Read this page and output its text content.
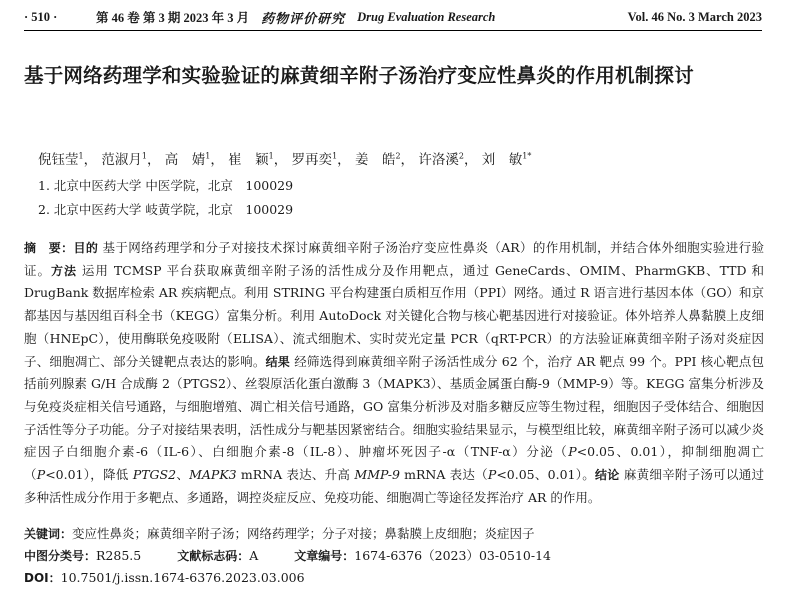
· 510 ·	第 46 卷 第 3 期 2023 年 3 月 药物评价研究 Drug Evaluation Research	Vol. 46 No. 3 March 2023
基于网络药理学和实验验证的麻黄细辛附子汤治疗变应性鼻炎的作用机制探讨
倪钰莹$^1$， 范淑月$^1$， 高　婧$^1$， 崔　颖$^1$， 罗再奕$^1$， 姜　皓$^2$， 许洛溪$^2$， 刘　敏$^{1*}$
1. 北京中医药大学 中医学院，北京　100029
2. 北京中医药大学 岐黄学院，北京　100029

摘　要：目的 基于网络药理学和分子对接技术探讨麻黄细辛附子汤治疗变应性鼻炎（AR）的作用机制，并结合体外细胞实验进行验证。方法 运用 TCMSP 平台获取麻黄细辛附子汤的活性成分及作用靶点，通过 GeneCards、OMIM、PharmGKB、TTD 和 DrugBank 数据库检索 AR 疾病靶点。利用 STRING 平台构建蛋白质相互作用（PPI）网络。通过 R 语言进行基因本体（GO）和京都基因与基因组百科全书（KEGG）富集分析。利用 AutoDock 对关键化合物与核心靶基因进行对接验证。体外培养人鼻黏膜上皮细胞（HNEpC），使用酶联免疫吸附（ELISA）、流式细胞术、实时荧光定量 PCR（qRT-PCR）的方法验证麻黄细辛附子汤对炎症因子、细胞凋亡、部分关键靶点表达的影响。结果 经筛选得到麻黄细辛附子汤活性成分 62 个，治疗 AR 靶点 99 个。PPI 核心靶点包括前列腺素 G/H 合成酶 2（PTGS2）、丝裂原活化蛋白激酶 3（MAPK3）、基质金属蛋白酶-9（MMP-9）等。KEGG 富集分析涉及与免疫炎症相关信号通路，与细胞增殖、凋亡相关信号通路，GO 富集分析涉及对脂多糖反应等生物过程，细胞因子受体结合、细胞因子活性等分子功能。分子对接结果表明，活性成分与靶基因紧密结合。细胞实验结果显示，与模型组比较，麻黄细辛附子汤可以减少炎症因子白细胞介素-6（IL-6）、白细胞介素-8（IL-8）、肿瘤坏死因子-α（TNF-α）分泌（P<0.05、0.01），抑制细胞凋亡（P<0.01），降低 PTGS2、MAPK3 mRNA 表达、升高 MMP-9 mRNA 表达（P<0.05、0.01）。结论 麻黄细辛附子汤可以通过多种活性成分作用于多靶点、多通路，调控炎症反应、免疫功能、细胞凋亡等途径发挥治疗 AR 的作用。

关键词：变应性鼻炎；麻黄细辛附子汤；网络药理学；分子对接；鼻黏膜上皮细胞；炎症因子
中图分类号：R285.5	文献标志码：A	文章编号：1674-6376（2023）03-0510-14
DOI：10.7501/j.issn.1674-6376.2023.03.006
